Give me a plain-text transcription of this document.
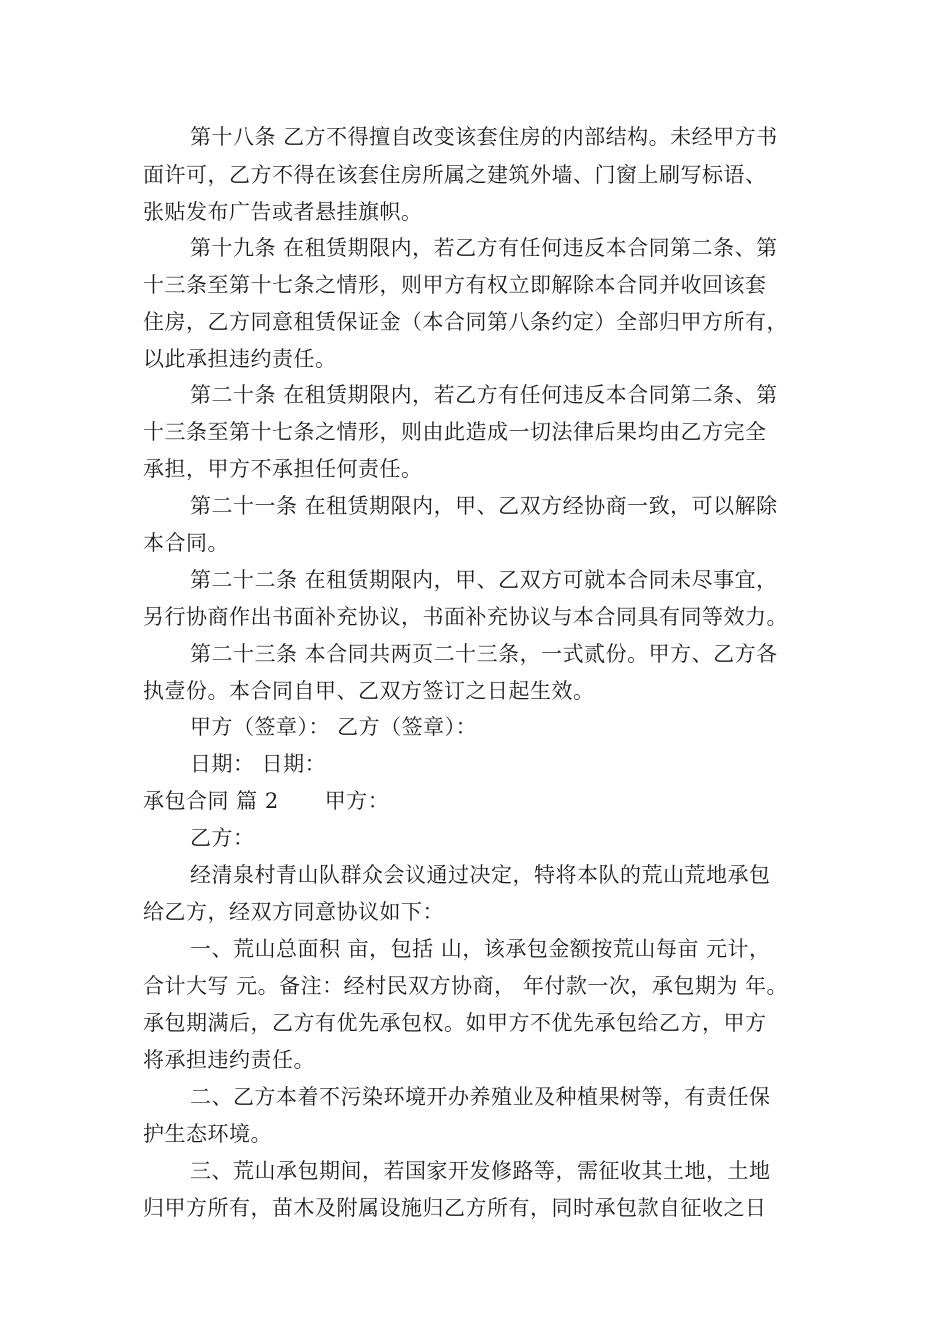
第十八条 乙方不得擅自改变该套住房的内部结构。未经甲方书
面许可，乙方不得在该套住房所属之建筑外墙、门窗上刷写标语、
张贴发布广告或者悬挂旗帜。
第十九条 在租赁期限内，若乙方有任何违反本合同第二条、第
十三条至第十七条之情形，则甲方有权立即解除本合同并收回该套
住房，乙方同意租赁保证金（本合同第八条约定）全部归甲方所有，
以此承担违约责任。
第二十条 在租赁期限内，若乙方有任何违反本合同第二条、第
十三条至第十七条之情形，则由此造成一切法律后果均由乙方完全
承担，甲方不承担任何责任。
第二十一条 在租赁期限内，甲、乙双方经协商一致，可以解除
本合同。
第二十二条 在租赁期限内，甲、乙双方可就本合同未尽事宜，
另行协商作出书面补充协议，书面补充协议与本合同具有同等效力。
第二十三条 本合同共两页二十三条，一式贰份。甲方、乙方各
执壹份。本合同自甲、乙双方签订之日起生效。
甲方（签章）： 乙方（签章）：
日期： 日期：
承包合同 篇 2 甲方：
乙方：
经清泉村青山队群众会议通过决定，特将本队的荒山荒地承包
给乙方，经双方同意协议如下：
一、荒山总面积 亩，包括 山，该承包金额按荒山每亩 元计，
合计大写 元。备注：经村民双方协商， 年付款一次，承包期为 年。
承包期满后，乙方有优先承包权。如甲方不优先承包给乙方，甲方
将承担违约责任。
二、乙方本着不污染环境开办养殖业及种植果树等，有责任保
护生态环境。
三、荒山承包期间，若国家开发修路等，需征收其土地，土地
归甲方所有，苗木及附属设施归乙方所有，同时承包款自征收之日
